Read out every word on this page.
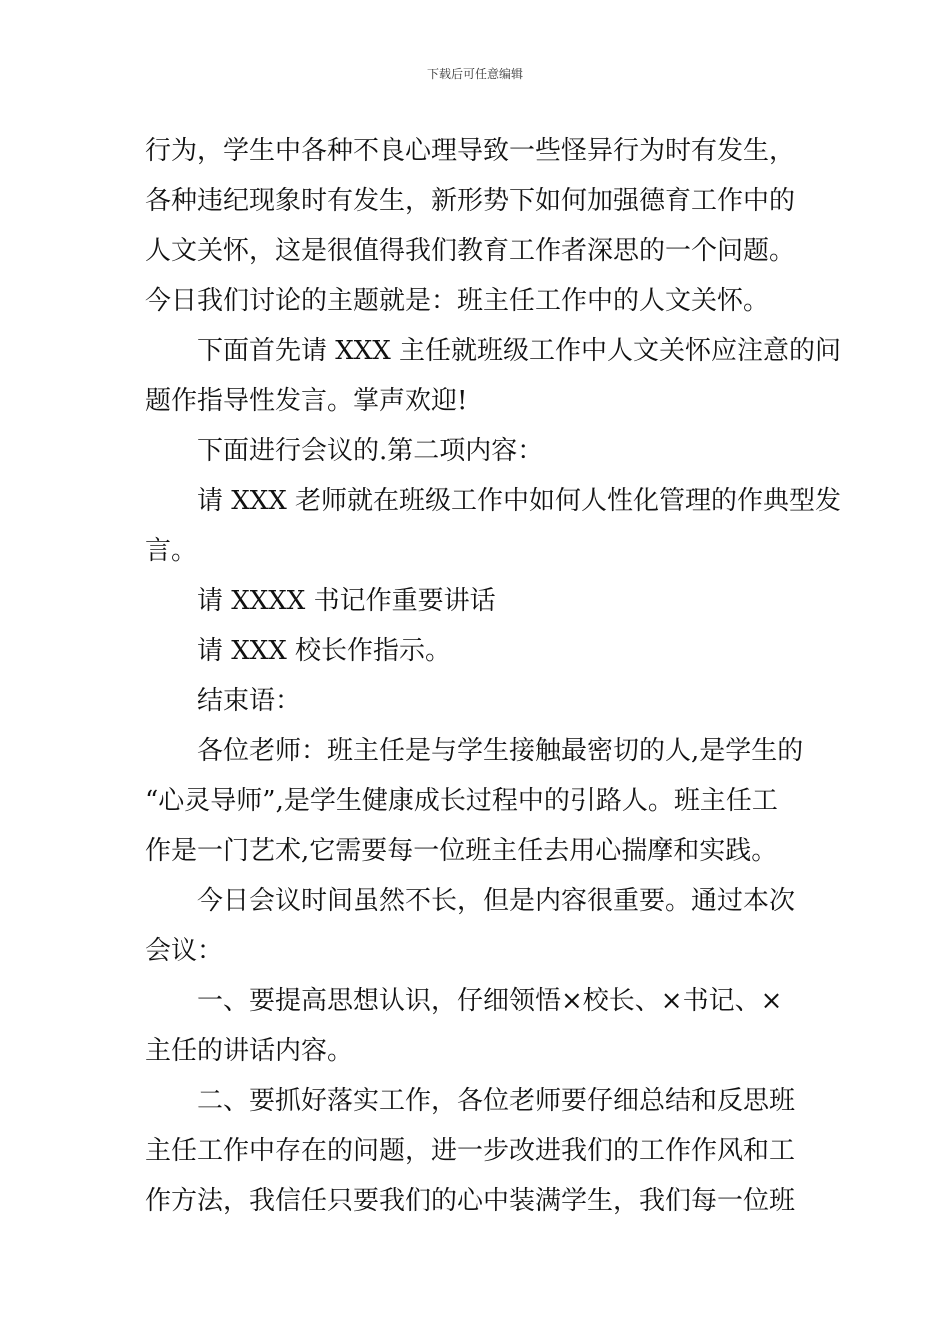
下载后可任意编辑
行为，学生中各种不良心理导致一些怪异行为时有发生，
各种违纪现象时有发生，新形势下如何加强德育工作中的
人文关怀，这是很值得我们教育工作者深思的一个问题。
今日我们讨论的主题就是：班主任工作中的人文关怀。
下面首先请 XXX 主任就班级工作中人文关怀应注意的问
题作指导性发言。掌声欢迎!
下面进行会议的.第二项内容：
请 XXX 老师就在班级工作中如何人性化管理的作典型发
言。
请 XXXX 书记作重要讲话
请 XXX 校长作指示。
结束语：
各位老师：班主任是与学生接触最密切的人,是学生的
“心灵导师”,是学生健康成长过程中的引路人。班主任工
作是一门艺术,它需要每一位班主任去用心揣摩和实践。
今日会议时间虽然不长，但是内容很重要。通过本次
会议：
一、要提高思想认识，仔细领悟×校长、×书记、×
主任的讲话内容。
二、要抓好落实工作，各位老师要仔细总结和反思班
主任工作中存在的问题，进一步改进我们的工作作风和工
作方法，我信任只要我们的心中装满学生，我们每一位班
